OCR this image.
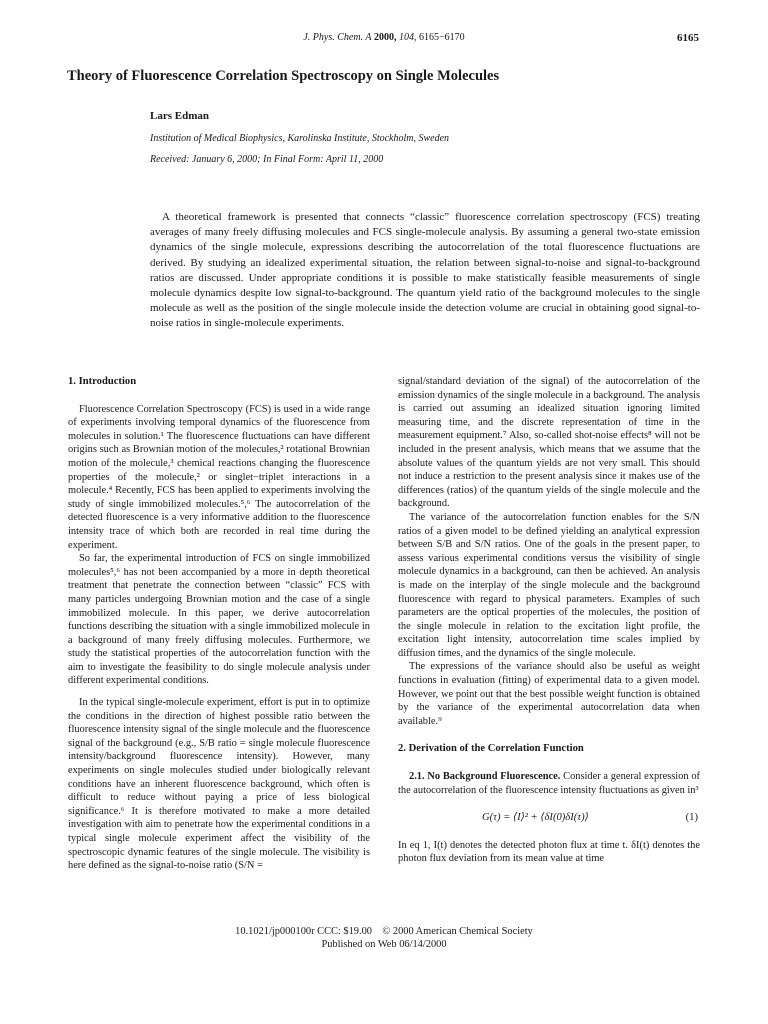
J. Phys. Chem. A 2000, 104, 6165−6170	6165
Theory of Fluorescence Correlation Spectroscopy on Single Molecules
Lars Edman
Institution of Medical Biophysics, Karolinska Institute, Stockholm, Sweden
Received: January 6, 2000; In Final Form: April 11, 2000

A theoretical framework is presented that connects “classic” fluorescence correlation spectroscopy (FCS) treating averages of many freely diffusing molecules and FCS single-molecule analysis. By assuming a general two-state emission dynamics of the single molecule, expressions describing the autocorrelation of the total fluorescence fluctuations are derived. By studying an idealized experimental situation, the relation between signal-to-noise and signal-to-background ratios are discussed. Under appropriate conditions it is possible to make statistically feasible measurements of single molecule dynamics despite low signal-to-background. The quantum yield ratio of the background molecules to the single molecule as well as the position of the single molecule inside the detection volume are crucial in obtaining good signal-to-noise ratios in single-molecule experiments.

1. Introduction

Fluorescence Correlation Spectroscopy (FCS) is used in a wide range of experiments involving temporal dynamics of the fluorescence from molecules in solution.¹ The fluorescence fluctuations can have different origins such as Brownian motion of the molecules,² rotational Brownian motion of the molecule,³ chemical reactions changing the fluorescence properties of the molecule,² or singlet−triplet interactions in a molecule.⁴ Recently, FCS has been applied to experiments involving the study of single immobilized molecules.⁵,⁶ The autocorrelation of the detected fluorescence is a very informative addition to the fluorescence intensity trace of which both are recorded in real time during the experiment.

So far, the experimental introduction of FCS on single immobilized molecules⁵,⁶ has not been accompanied by a more in depth theoretical treatment that penetrate the connection between “classic” FCS with many particles undergoing Brownian motion and the case of a single immobilized molecule. In this paper, we derive autocorrelation functions describing the situation with a single immobilized molecule in a background of many freely diffusing molecules. Furthermore, we study the statistical properties of the autocorrelation function with the aim to investigate the feasibility to do single molecule analysis under different experimental conditions.

In the typical single-molecule experiment, effort is put in to optimize the conditions in the direction of highest possible ratio between the fluorescence intensity signal of the single molecule and the fluorescence signal of the background (e.g., S/B ratio = single molecule fluorescence intensity/background fluorescence intensity). However, many experiments on single molecules studied under biologically relevant conditions have an inherent fluorescence background, which often is difficult to reduce without paying a price of less biological significance.⁶ It is therefore motivated to make a more detailed investigation with aim to penetrate how the experimental conditions in a typical single molecule experiment affect the visibility of the spectroscopic dynamic features of the single molecule. The visibility is here defined as the signal-to-noise ratio (S/N =

signal/standard deviation of the signal) of the autocorrelation of the emission dynamics of the single molecule in a background. The analysis is carried out assuming an idealized situation ignoring limited measuring time, and the discrete representation of time in the measurement equipment.⁷ Also, so-called shot-noise effects⁸ will not be included in the present analysis, which means that we assume that the absolute values of the quantum yields are not very small. This should not induce a restriction to the present analysis since it makes use of the differences (ratios) of the quantum yields of the single molecule and the background.

The variance of the autocorrelation function enables for the S/N ratios of a given model to be defined yielding an analytical expression between S/B and S/N ratios. One of the goals in the present paper, to assess various experimental conditions versus the visibility of single molecule dynamics in a background, can then be achieved. An analysis is made on the interplay of the single molecule and the background fluorescence with regard to physical parameters. Examples of such parameters are the optical properties of the molecules, the position of the single molecule in relation to the excitation light profile, the excitation light intensity, autocorrelation time scales implied by diffusion times, and the dynamics of the single molecule.

The expressions of the variance should also be useful as weight functions in evaluation (fitting) of experimental data to a given model. However, we point out that the best possible weight function is obtained by the variance of the experimental autocorrelation data when available.⁹

2. Derivation of the Correlation Function

2.1. No Background Fluorescence. Consider a general expression of the autocorrelation of the fluorescence intensity fluctuations as given in³

G(τ) = ⟨I⟩² + ⟨δI(0)δI(τ)⟩	(1)

In eq 1, I(t) denotes the detected photon flux at time t. δI(t) denotes the photon flux deviation from its mean value at time

10.1021/jp000100r CCC: $19.00    © 2000 American Chemical Society
Published on Web 06/14/2000
